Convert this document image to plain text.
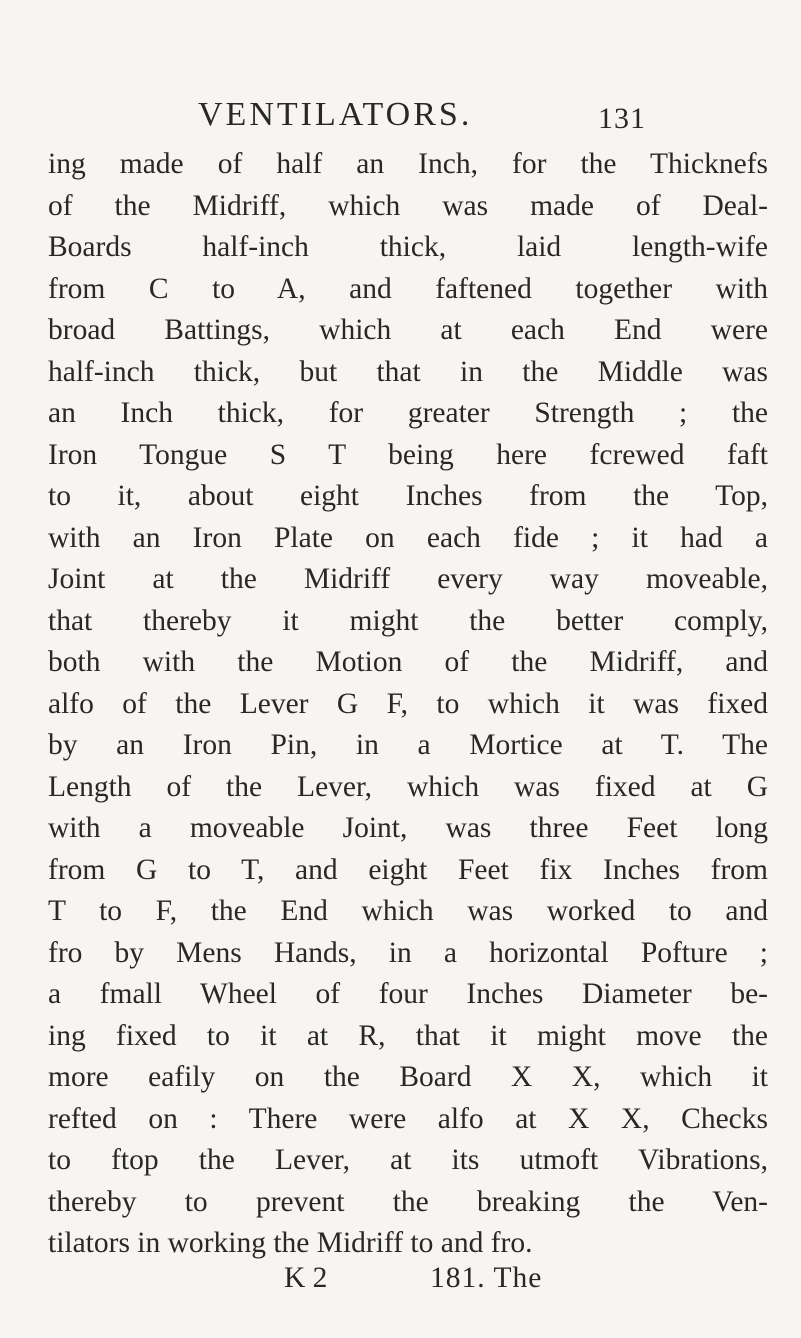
VENTILATORS.	131
ing made of half an Inch, for the Thicknefs
of the Midriff, which was made of Deal-
Boards half-inch thick, laid length-wife
from C to A, and faftened together with
broad Battings, which at each End were
half-inch thick, but that in the Middle was
an Inch thick, for greater Strength ; the
Iron Tongue S T being here fcrewed faft
to it, about eight Inches from the Top,
with an Iron Plate on each fide ; it had a
Joint at the Midriff every way moveable,
that thereby it might the better comply,
both with the Motion of the Midriff, and
alfo of the Lever G F, to which it was fixed
by an Iron Pin, in a Mortice at T. The
Length of the Lever, which was fixed at G
with a moveable Joint, was three Feet long
from G to T, and eight Feet fix Inches from
T to F, the End which was worked to and
fro by Mens Hands, in a horizontal Pofture ;
a fmall Wheel of four Inches Diameter be-
ing fixed to it at R, that it might move the
more eafily on the Board X X, which it
refted on : There were alfo at X X, Checks
to ftop the Lever, at its utmoft Vibrations,
thereby to prevent the breaking the Ven-
tilators in working the Midriff to and fro.
K 2	181. The
